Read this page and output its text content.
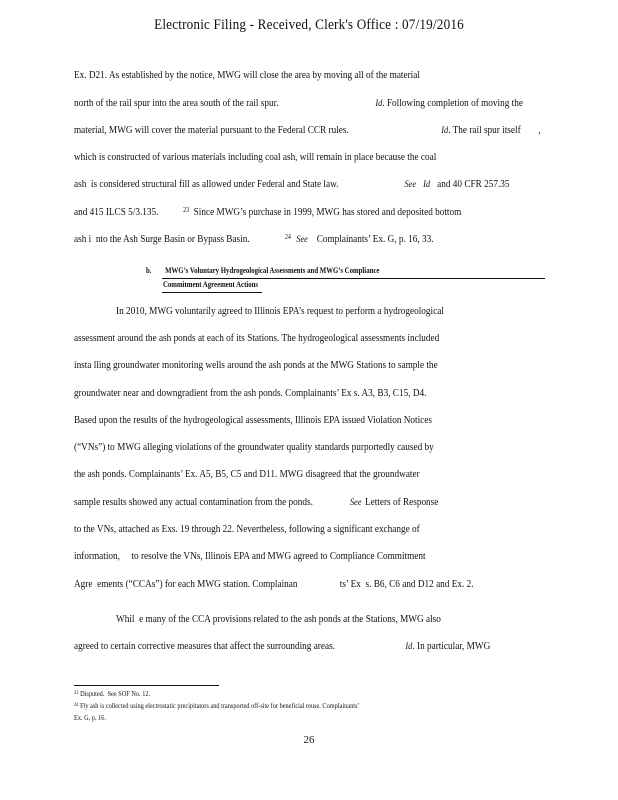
Electronic Filing - Received, Clerk's Office : 07/19/2016
Ex. D21. As established by the notice, MWG will close the area by moving all of the material
north of the rail spur into the area south of the rail spur.	Id. Following completion of moving the
material, MWG will cover the material pursuant to the Federal CCR rules.	Id. The rail spur itself ,
which is constructed of various materials including coal ash, will remain in place because the coal
ash  is considered structural fill as allowed under Federal and State law.	See Id and 40 CFR 257.35
and 415 ILCS 5/3.135.	$^{23}$ Since MWG’s purchase in 1999, MWG has stored and deposited bottom
ash i  nto the Ash Surge Basin or Bypass Basin.	$^{24}$ See Complainants’ Ex. G, p. 16, 33.
b. MWG’s Voluntary Hydrogeological Assessments and MWG’s Compliance
Commitment Agreement Actions
In 2010, MWG voluntarily agreed to Illinois EPA’s request to perform a hydrogeological
assessment around the ash ponds at each of its Stations. The hydrogeological assessments included
insta lling groundwater monitoring wells around the ash ponds at the MWG Stations to sample the
groundwater near and downgradient from the ash ponds. Complainants’ Ex s. A3, B3, C15, D4.
Based upon the results of the hydrogeological assessments, Illinois EPA issued Violation Notices
(“VNs”) to MWG alleging violations of the groundwater quality standards purportedly caused by
the ash ponds. Complainants’ Ex. A5, B5, C5 and D11. MWG disagreed that the groundwater
sample results showed any actual contamination from the ponds.	See Letters of Response
to the VNs, attached as Exs. 19 through 22. Nevertheless, following a significant exchange of
information,     to resolve the VNs, Illinois EPA and MWG agreed to Compliance Commitment
Agre  ements (“CCAs”) for each MWG station. Complainan	ts’ Ex  s. B6, C6 and D12 and Ex. 2.
Whil  e many of the CCA provisions related to the ash ponds at the Stations, MWG also
agreed to certain corrective measures that affect the surrounding areas.	Id. In particular, MWG
$^{23}$ Disputed.  See SOF No. 12.
$^{24}$ Fly ash is collected using electrostatic precipitators and transported off-site for beneficial reuse. Complainants’
Ex. G, p. 16.
26
